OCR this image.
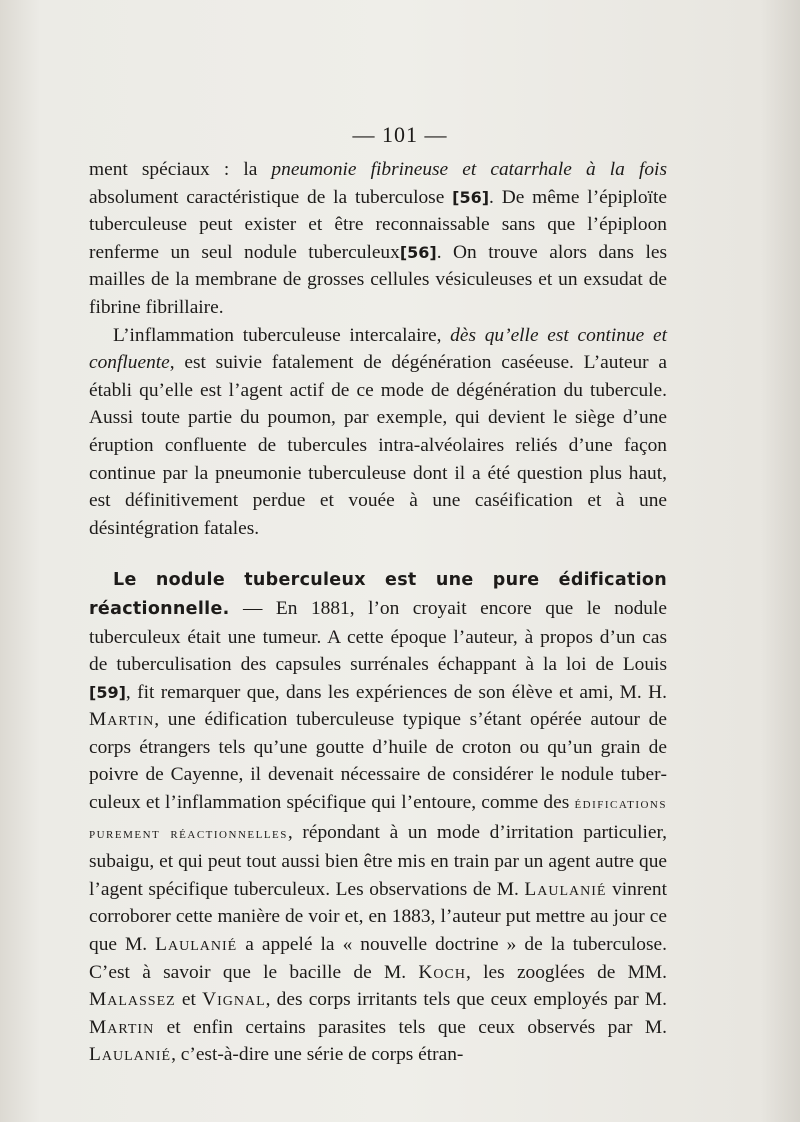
— 101 —

ment spéciaux : la pneumonie fibrineuse et catarrhale à la fois absolument caractéristique de la tuberculose [56]. De même l’épiploïte tuberculeuse peut exister et être reconnaissable sans que l’épiploon renferme un seul nodule tuberculeux[56]. On trouve alors dans les mailles de la membrane de grosses cellules vésiculeuses et un exsudat de fibrine fibrillaire.

L’inflammation tuberculeuse intercalaire, dès qu’elle est continue et confluente, est suivie fatalement de dégénération caséeuse. L’auteur a établi qu’elle est l’agent actif de ce mode de dégénération du tubercule. Aussi toute partie du poumon, par exemple, qui devient le siège d’une éruption confluente de tubercules intra-alvéolaires reliés d’une façon continue par la pneumonie tuberculeuse dont il a été question plus haut, est définitivement perdue et vouée à une caséification et à une désintégration fatales.

Le nodule tuberculeux est une pure édification réactionnelle. — En 1881, l’on croyait encore que le nodule tuberculeux était une tumeur. A cette époque l’auteur, à propos d’un cas de tuberculisation des capsules surrénales échappant à la loi de Louis [59], fit remarquer que, dans les expériences de son élève et ami, M. H. Martin, une édification tuberculeuse typique s’étant opérée autour de corps étrangers tels qu’une goutte d’huile de croton ou qu’un grain de poivre de Cayenne, il devenait nécessaire de considérer le nodule tuberculeux et l’inflammation spécifique qui l’entoure, comme des édifications purement réactionnelles, répondant à un mode d’irritation particulier, subaigu, et qui peut tout aussi bien être mis en train par un agent autre que l’agent spécifique tuberculeux. Les observations de M. Laulanié vinrent corroborer cette manière de voir et, en 1883, l’auteur put mettre au jour ce que M. Laulanié a appelé la « nouvelle doctrine » de la tuberculose. C’est à savoir que le bacille de M. Koch, les zooglées de MM. Malassez et Vignal, des corps irritants tels que ceux employés par M. Martin et enfin certains parasites tels que ceux observés par M. Laulanié, c’est-à-dire une série de corps étran-
